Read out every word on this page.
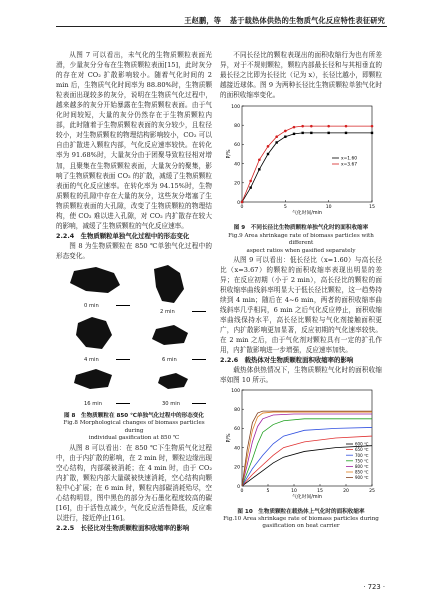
王赵鹏，等 基于载热体供热的生物质气化反应特性表征研究

从图 7 可以看出，未气化的生物质颗粒表面光滑，少量灰分分布在生物质颗粒表面[15]，此时灰分的存在对 CO₂ 扩散影响较小。随着气化时间的 2 min 后，生物质气化时间率为 88.80%时，生物质颗粒表面出现较多的灰分，说明在生物质气化过程中，越来越多的灰分开始暴露在生物质颗粒表面。由于气化时间较短，大量的灰分仍然存在于生物质颗粒内部，此时随着于生物质颗粒表面的灰分较少，且粒径较小，对生物质颗粒的物理结构影响较小，CO₂ 可以自由扩散进入颗粒内部，气化反应速率较快。在转化率为 91.68%时，大量灰分由于团聚导致粒径相对增加，且聚集在生物质颗粒表面，大量灰分的聚集，影响了生物质颗粒表面 CO₂ 的扩散，减缓了生物质颗粒表面的气化反应速率。在转化率为 94.15%时，生物质颗粒的孔隙中存在大量的灰分，这些灰分堵塞了生物质颗粒表面的大孔隙，改变了生物质颗粒的物理结构，使 CO₂ 难以进入孔隙，对 CO₂ 内扩散存在较大的影响，减缓了生物质颗粒的气化反应速率。

2.2.4　生物质颗粒单独气化过程中的形态变化

图 8 为生物质颗粒在 850 ℃单独气化过程中的形态变化。

0 min
2 min
4 min	6 min
16 min	30 min

图 8　生物质颗粒在 850 ℃单独气化过程中的形态变化
Fig.8 Morphological changes of biomass particles during
individual gasification at 850 ℃

从图 8 可以看出：在 850 ℃下生物质气化过程中，由于内扩散的影响，在 2 min 时，颗粒边缘出现空心结构，内部碳被消耗；在 4 min 时，由于 CO₂ 内扩散，颗粒内部大量碳被快速消耗，空心结构向颗粒中心扩展；在 6 min 时，颗粒内部碳消耗殆尽，空心结构明显，图中黑色的部分为石墨化程度较高的碳[16]，由于活性点减少，气化反应活性降低，反应难以进行，接近停止[16]。

2.2.5　长径比对生物质颗粒面积收缩率的影响

不同长径比的颗粒表现出的面积收缩行为也有所差异，对于不规则颗粒，颗粒内部最长径和与其相垂直的最长径之比即为长径比（记为 x），长径比越小，即颗粒越接近球体。图 9 为两种长径比生物质颗粒单独气化时的面积收缩率变化。

0
20
40
60
80
100
0	5	10	15
P/%
气化时间/min
x=1.60
x=3.67

图 9　不同长径比生物质颗粒单独气化时的面积收缩率
Fig.9 Area shrinkage rate of biomass particles with different
aspect ratios when gasified separately

从图 9 可以看出：低长径比（x=1.60）与高长径比（x=3.67）的颗粒的面积收缩率表现出明显的差异；在反应初期（小于 2 min），高长径比的颗粒的面积收缩率曲线斜率明显大于低长径比颗粒，这一趋势持续到 4 min；随后在 4~6 min，两者的面积收缩率曲线斜率几乎相同，6 min 之后气化反应停止，面积收缩率曲线保持水平，高长径比颗粒与气化剂接触面积更广，内扩散影响更加显著，反应初期的气化速率较快。在 2 min 之后，由于气化剂对颗粒具有一定的扩孔作用，内扩散影响进一步增强，反应速率加快。

2.2.6　载热体对生物质颗粒面积收缩率的影响

载热体供热情况下，生物质颗粒气化时的面积收缩率如图 10 所示。

0
20
40
60
80
100
0	5	10	15	20	25
P/%
气化时间/min
600 ℃
650 ℃
700 ℃
750 ℃
800 ℃
850 ℃
900 ℃

图 10　生物质颗粒在载热体上气化时的面积收缩率
Fig.10 Area shrinkage rate of biomass particles during
gasification on heat carrier

· 723 ·
